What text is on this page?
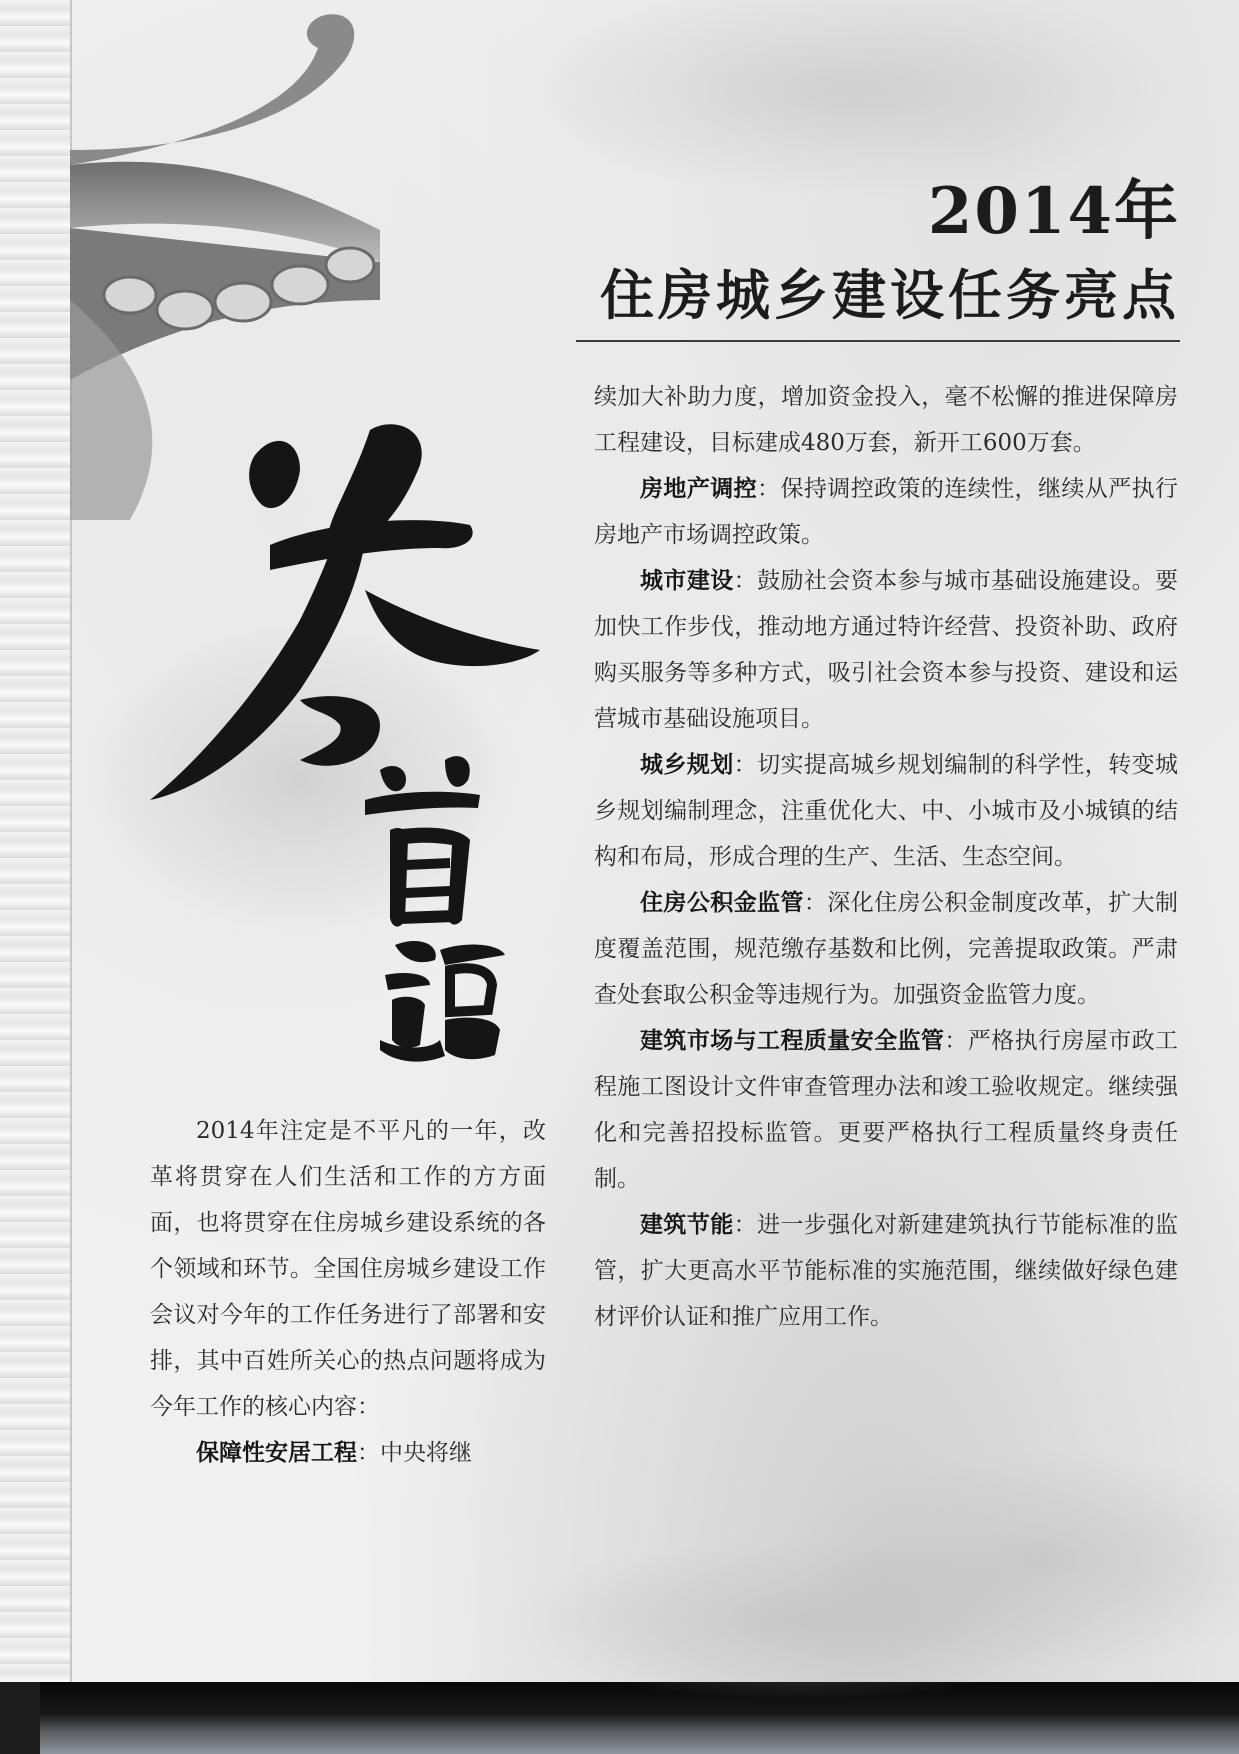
2014年
住房城乡建设任务亮点

2014年注定是不平凡的一年，改革将贯穿在人们生活和工作的方方面面，也将贯穿在住房城乡建设系统的各个领域和环节。全国住房城乡建设工作会议对今年的工作任务进行了部署和安排，其中百姓所关心的热点问题将成为今年工作的核心内容：

保障性安居工程：中央将继

续加大补助力度，增加资金投入，毫不松懈的推进保障房工程建设，目标建成480万套，新开工600万套。

房地产调控：保持调控政策的连续性，继续从严执行房地产市场调控政策。

城市建设：鼓励社会资本参与城市基础设施建设。要加快工作步伐，推动地方通过特许经营、投资补助、政府购买服务等多种方式，吸引社会资本参与投资、建设和运营城市基础设施项目。

城乡规划：切实提高城乡规划编制的科学性，转变城乡规划编制理念，注重优化大、中、小城市及小城镇的结构和布局，形成合理的生产、生活、生态空间。

住房公积金监管：深化住房公积金制度改革，扩大制度覆盖范围，规范缴存基数和比例，完善提取政策。严肃查处套取公积金等违规行为。加强资金监管力度。

建筑市场与工程质量安全监管：严格执行房屋市政工程施工图设计文件审查管理办法和竣工验收规定。继续强化和完善招投标监管。更要严格执行工程质量终身责任制。

建筑节能：进一步强化对新建建筑执行节能标准的监管，扩大更高水平节能标准的实施范围，继续做好绿色建材评价认证和推广应用工作。
